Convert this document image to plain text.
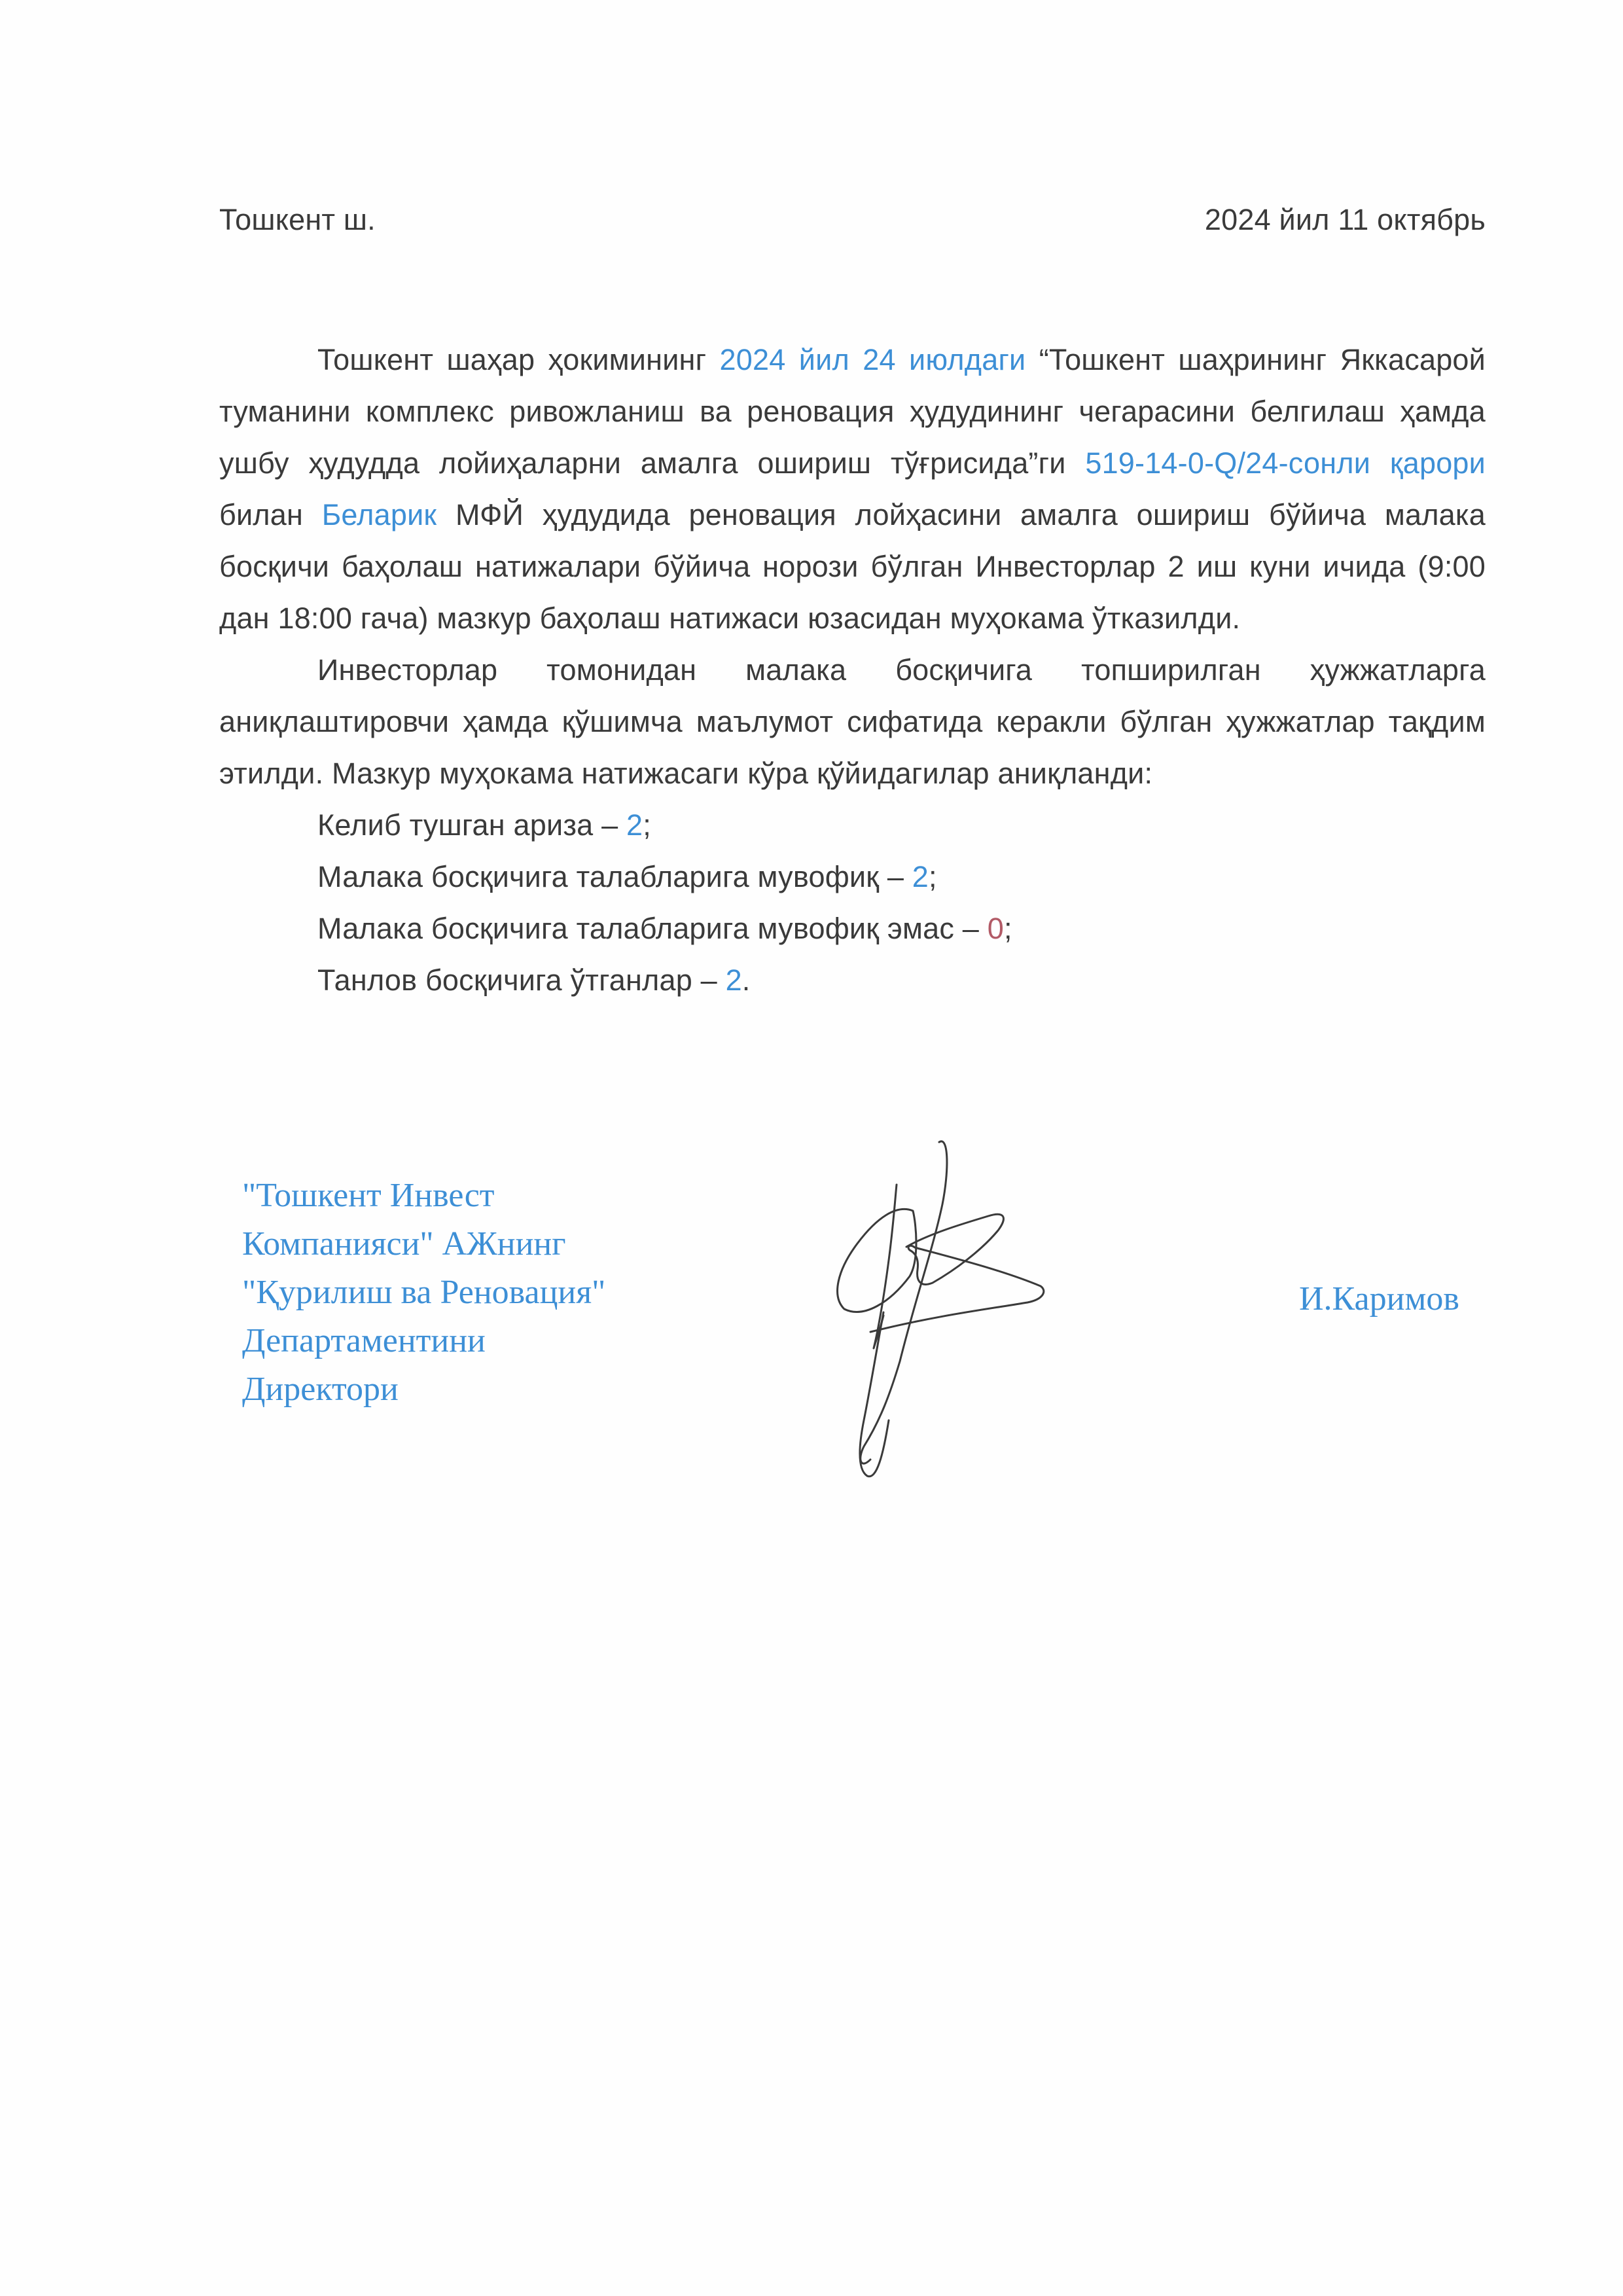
Тошкент ш.	2024 йил 11 октябрь

Тошкент шаҳар ҳокимининг 2024 йил 24 июлдаги “Тошкент шаҳрининг Яккасарой туманини комплекс ривожланиш ва реновация ҳудудининг чегарасини белгилаш ҳамда ушбу ҳудудда лойиҳаларни амалга ошириш тўғрисида”ги 519-14-0-Q/24-сонли қарори билан Беларик МФЙ ҳудудида реновация лойҳасини амалга ошириш бўйича малака босқичи баҳолаш натижалари бўйича норози бўлган Инвесторлар 2 иш куни ичида (9:00 дан 18:00 гача) мазкур баҳолаш натижаси юзасидан муҳокама ўтказилди.

Инвесторлар томонидан малака босқичига топширилган ҳужжатларга аниқлаштировчи ҳамда қўшимча маълумот сифатида керакли бўлган ҳужжатлар тақдим этилди. Мазкур муҳокама натижасаги кўра қўйидагилар аниқланди:

Келиб тушган ариза – 2;
Малака босқичига талабларига мувофиқ – 2;
Малака босқичига талабларига мувофиқ эмас – 0;
Танлов босқичига ўтганлар – 2.
"Тошкент Инвест
Компанияси" АЖнинг
"Қурилиш ва Реновация"
Департаментини
Директори
И.Каримов
